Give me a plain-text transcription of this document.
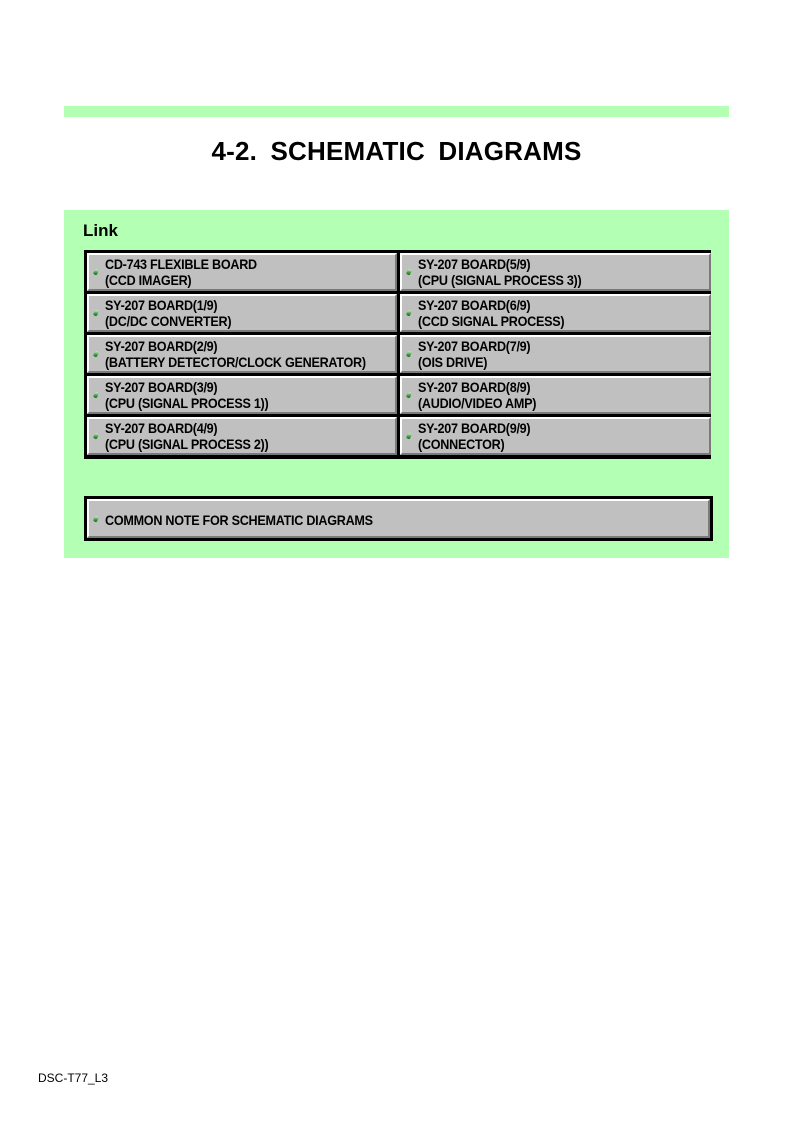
4-2. SCHEMATIC DIAGRAMS
Link
CD-743 FLEXIBLE BOARD
(CCD IMAGER)
SY-207 BOARD(5/9)
(CPU (SIGNAL PROCESS 3))
SY-207 BOARD(1/9)
(DC/DC CONVERTER)
SY-207 BOARD(6/9)
(CCD SIGNAL PROCESS)
SY-207 BOARD(2/9)
(BATTERY DETECTOR/CLOCK GENERATOR)
SY-207 BOARD(7/9)
(OIS DRIVE)
SY-207 BOARD(3/9)
(CPU (SIGNAL PROCESS 1))
SY-207 BOARD(8/9)
(AUDIO/VIDEO AMP)
SY-207 BOARD(4/9)
(CPU (SIGNAL PROCESS 2))
SY-207 BOARD(9/9)
(CONNECTOR)
COMMON NOTE FOR SCHEMATIC DIAGRAMS
DSC-T77_L3
